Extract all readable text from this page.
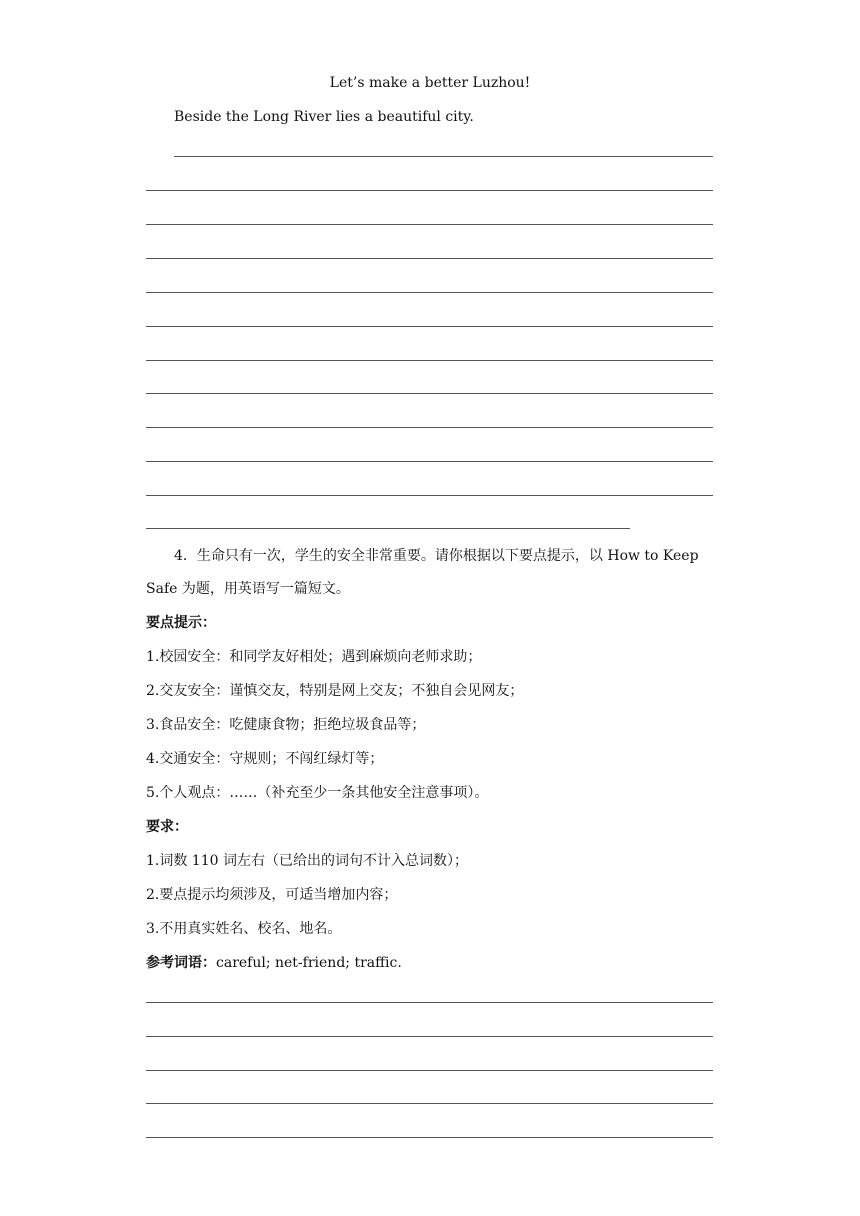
Let’s make a better Luzhou!
Beside the Long River lies a beautiful city.
4．生命只有一次，学生的安全非常重要。请你根据以下要点提示，以 How to Keep
Safe 为题，用英语写一篇短文。
要点提示：
1.校园安全：和同学友好相处；遇到麻烦向老师求助；
2.交友安全：谨慎交友，特别是网上交友；不独自会见网友；
3.食品安全：吃健康食物；拒绝垃圾食品等；
4.交通安全：守规则；不闯红绿灯等；
5.个人观点：……（补充至少一条其他安全注意事项）。
要求：
1.词数 110 词左右（已给出的词句不计入总词数）；
2.要点提示均须涉及，可适当增加内容；
3.不用真实姓名、校名、地名。
参考词语：careful; net-friend; traffic.
